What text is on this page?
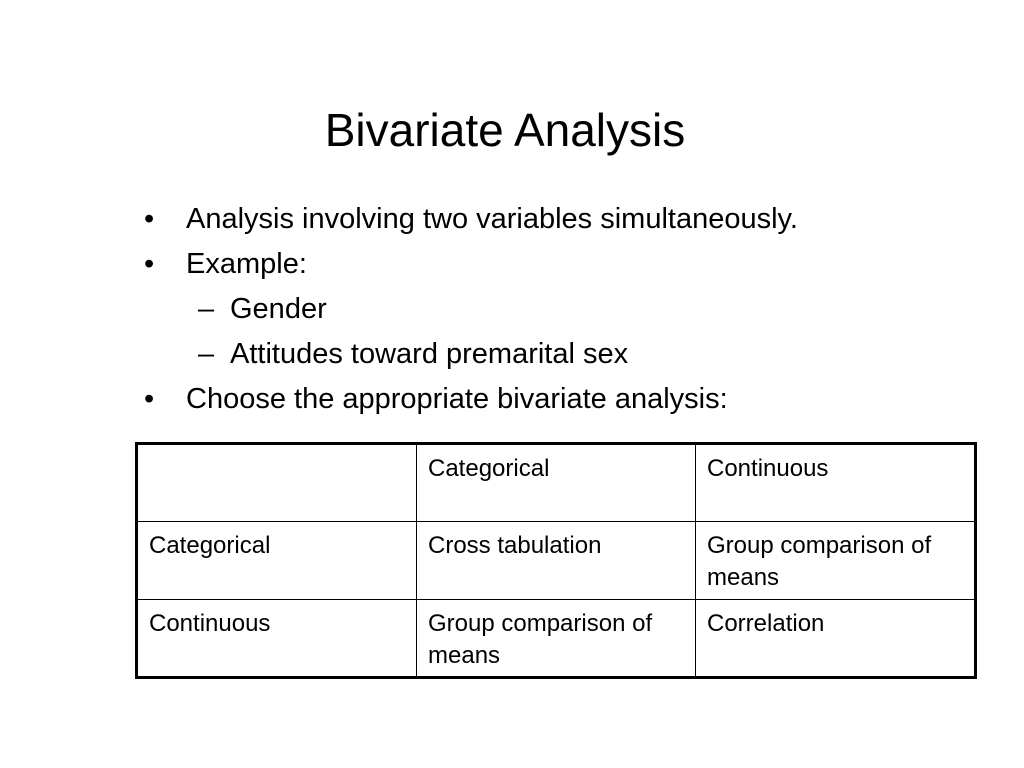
Bivariate Analysis
• Analysis involving two variables simultaneously.
• Example:
– Gender
– Attitudes toward premarital sex
• Choose the appropriate bivariate analysis:
	Categorical	Continuous
Categorical	Cross tabulation	Group comparison of means
Continuous	Group comparison of means	Correlation
